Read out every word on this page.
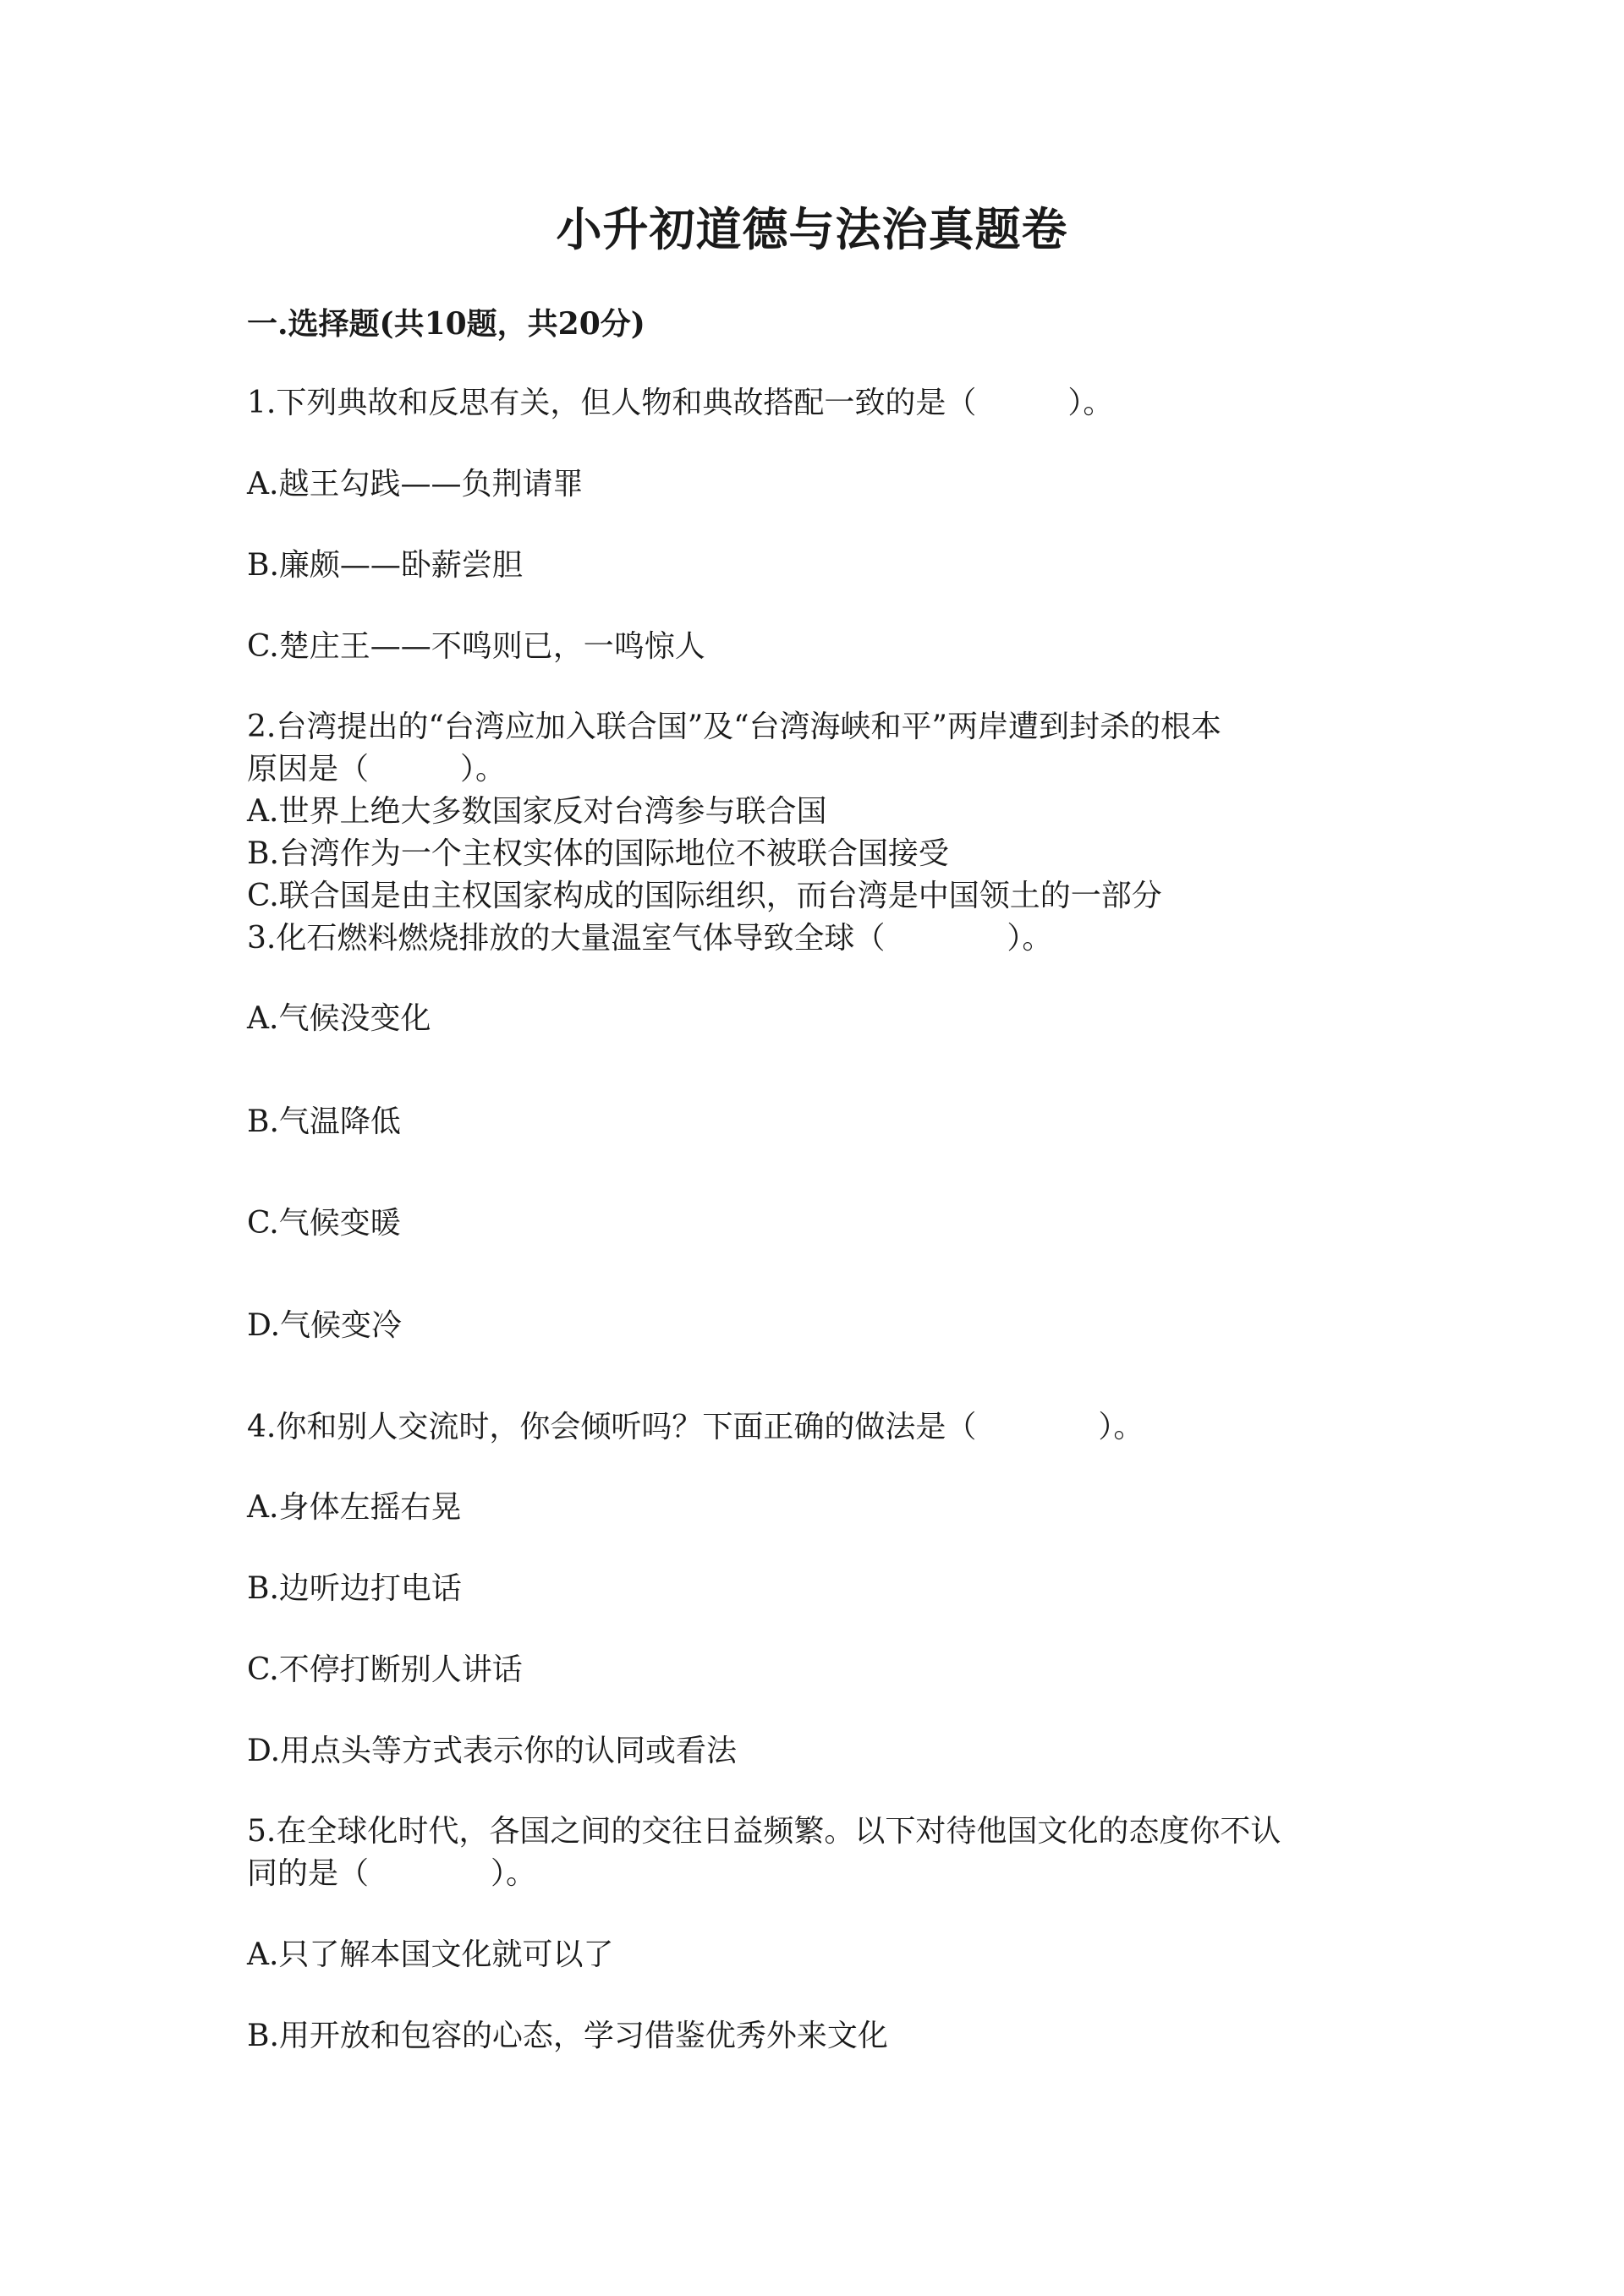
小升初道德与法治真题卷
一.选择题(共10题，共20分)
1.下列典故和反思有关，但人物和典故搭配一致的是（　　　）。
A.越王勾践——负荆请罪
B.廉颇——卧薪尝胆
C.楚庄王——不鸣则已，一鸣惊人
2.台湾提出的“台湾应加入联合国”及“台湾海峡和平”两岸遭到封杀的根本
原因是（　　　）。
A.世界上绝大多数国家反对台湾参与联合国
B.台湾作为一个主权实体的国际地位不被联合国接受
C.联合国是由主权国家构成的国际组织，而台湾是中国领土的一部分
3.化石燃料燃烧排放的大量温室气体导致全球（　　　　）。
A.气候没变化
B.气温降低
C.气候变暖
D.气候变冷
4.你和别人交流时，你会倾听吗？下面正确的做法是（　　　　）。
A.身体左摇右晃
B.边听边打电话
C.不停打断别人讲话
D.用点头等方式表示你的认同或看法
5.在全球化时代，各国之间的交往日益频繁。以下对待他国文化的态度你不认
同的是（　　　　）。
A.只了解本国文化就可以了
B.用开放和包容的心态，学习借鉴优秀外来文化
